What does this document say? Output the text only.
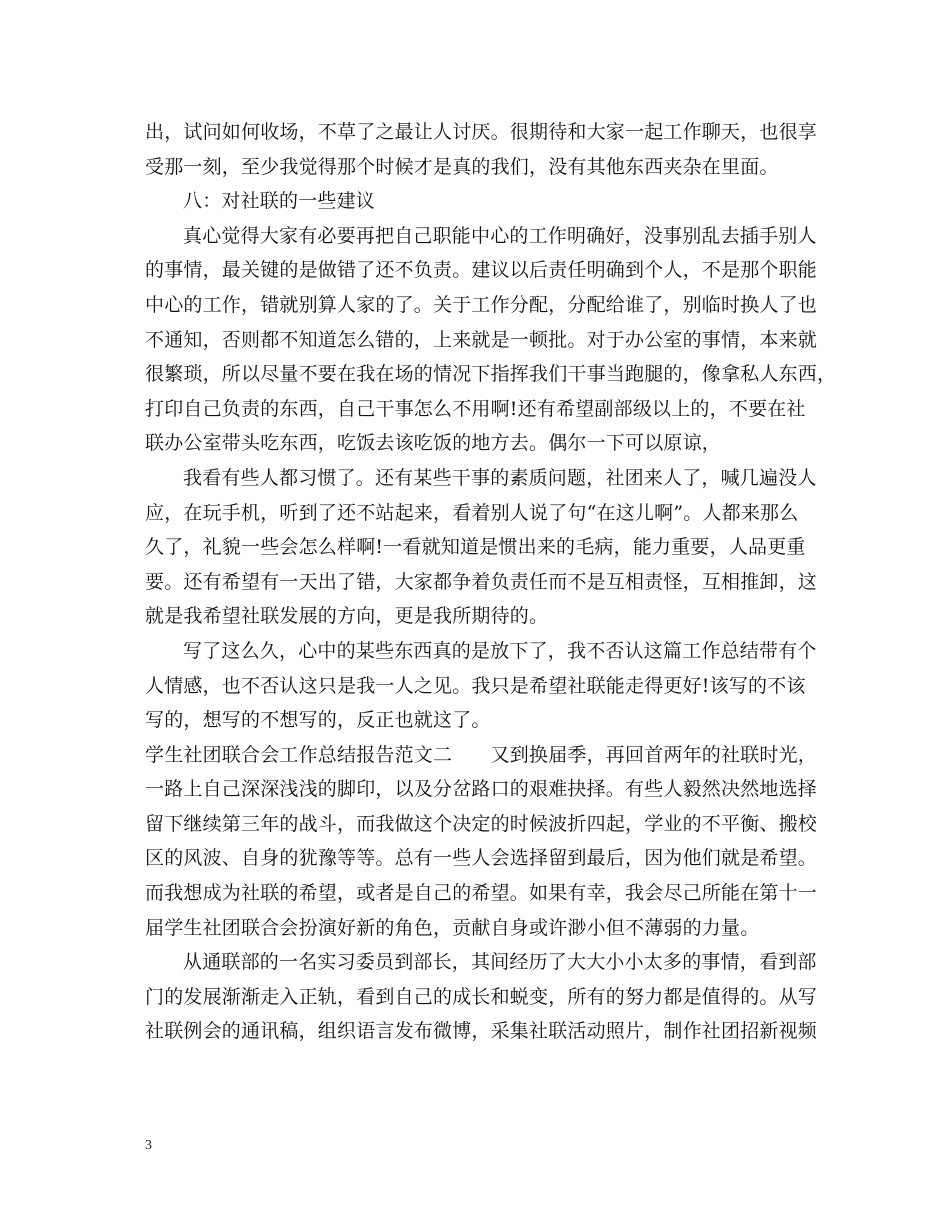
出，试问如何收场，不草了之最让人讨厌。很期待和大家一起工作聊天，也很享
受那一刻，至少我觉得那个时候才是真的我们，没有其他东西夹杂在里面。
八：对社联的一些建议
真心觉得大家有必要再把自己职能中心的工作明确好，没事别乱去插手别人
的事情，最关键的是做错了还不负责。建议以后责任明确到个人，不是那个职能
中心的工作，错就别算人家的了。关于工作分配，分配给谁了，别临时换人了也
不通知，否则都不知道怎么错的，上来就是一顿批。对于办公室的事情，本来就
很繁琐，所以尽量不要在我在场的情况下指挥我们干事当跑腿的，像拿私人东西，
打印自己负责的东西，自己干事怎么不用啊!还有希望副部级以上的，不要在社
联办公室带头吃东西，吃饭去该吃饭的地方去。偶尔一下可以原谅，
我看有些人都习惯了。还有某些干事的素质问题，社团来人了，喊几遍没人
应，在玩手机，听到了还不站起来，看着别人说了句“在这儿啊”。人都来那么
久了，礼貌一些会怎么样啊!一看就知道是惯出来的毛病，能力重要，人品更重
要。还有希望有一天出了错，大家都争着负责任而不是互相责怪，互相推卸，这
就是我希望社联发展的方向，更是我所期待的。
写了这么久，心中的某些东西真的是放下了，我不否认这篇工作总结带有个
人情感，也不否认这只是我一人之见。我只是希望社联能走得更好!该写的不该
写的，想写的不想写的，反正也就这了。
学生社团联合会工作总结报告范文二　　又到换届季，再回首两年的社联时光，
一路上自己深深浅浅的脚印，以及分岔路口的艰难抉择。有些人毅然决然地选择
留下继续第三年的战斗，而我做这个决定的时候波折四起，学业的不平衡、搬校
区的风波、自身的犹豫等等。总有一些人会选择留到最后，因为他们就是希望。
而我想成为社联的希望，或者是自己的希望。如果有幸，我会尽己所能在第十一
届学生社团联合会扮演好新的角色，贡献自身或许渺小但不薄弱的力量。
从通联部的一名实习委员到部长，其间经历了大大小小太多的事情，看到部
门的发展渐渐走入正轨，看到自己的成长和蜕变，所有的努力都是值得的。从写
社联例会的通讯稿，组织语言发布微博，采集社联活动照片，制作社团招新视频
3
